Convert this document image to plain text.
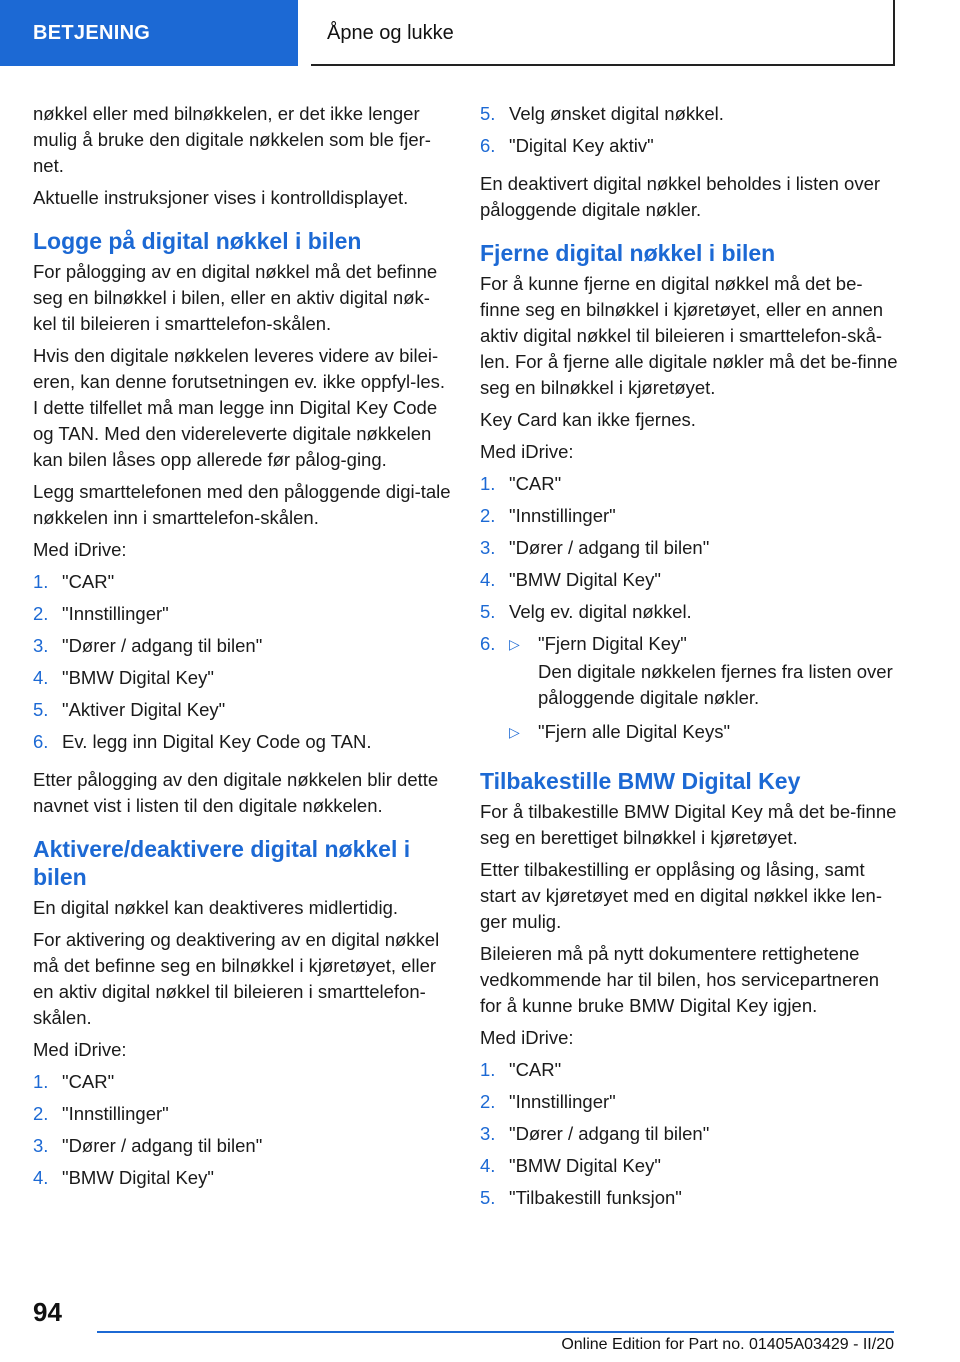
BETJENING	Åpne og lukke

nøkkel eller med bilnøkkelen, er det ikke lenger mulig å bruke den digitale nøkkelen som ble fjer-net.

Aktuelle instruksjoner vises i kontrolldisplayet.

Logge på digital nøkkel i bilen

For pålogging av en digital nøkkel må det befinne seg en bilnøkkel i bilen, eller en aktiv digital nøk-kel til bileieren i smarttelefon-skålen.

Hvis den digitale nøkkelen leveres videre av bilei-eren, kan denne forutsetningen ev. ikke oppfyl-les. I dette tilfellet må man legge inn Digital Key Code og TAN. Med den videreleverte digitale nøkkelen kan bilen låses opp allerede før pålog-ging.

Legg smarttelefonen med den påloggende digi-tale nøkkelen inn i smarttelefon-skålen.

Med iDrive:

1. "CAR"
2. "Innstillinger"
3. "Dører / adgang til bilen"
4. "BMW Digital Key"
5. "Aktiver Digital Key"
6. Ev. legg inn Digital Key Code og TAN.

Etter pålogging av den digitale nøkkelen blir dette navnet vist i listen til den digitale nøkkelen.

Aktivere/deaktivere digital nøkkel i bilen

En digital nøkkel kan deaktiveres midlertidig.

For aktivering og deaktivering av en digital nøkkel må det befinne seg en bilnøkkel i kjøretøyet, eller en aktiv digital nøkkel til bileieren i smarttelefon-skålen.

Med iDrive:

1. "CAR"
2. "Innstillinger"
3. "Dører / adgang til bilen"
4. "BMW Digital Key"
5. Velg ønsket digital nøkkel.
6. "Digital Key aktiv"

En deaktivert digital nøkkel beholdes i listen over påloggende digitale nøkler.

Fjerne digital nøkkel i bilen

For å kunne fjerne en digital nøkkel må det be-finne seg en bilnøkkel i kjøretøyet, eller en annen aktiv digital nøkkel til bileieren i smarttelefon-skå-len. For å fjerne alle digitale nøkler må det be-finne seg en bilnøkkel i kjøretøyet.

Key Card kan ikke fjernes.

Med iDrive:

1. "CAR"
2. "Innstillinger"
3. "Dører / adgang til bilen"
4. "BMW Digital Key"
5. Velg ev. digital nøkkel.
6. ▷ "Fjern Digital Key"
Den digitale nøkkelen fjernes fra listen over påloggende digitale nøkler.
▷ "Fjern alle Digital Keys"
Tilbakestille BMW Digital Key

For å tilbakestille BMW Digital Key må det be-finne seg en berettiget bilnøkkel i kjøretøyet.

Etter tilbakestilling er opplåsing og låsing, samt start av kjøretøyet med en digital nøkkel ikke len-ger mulig.

Bileieren må på nytt dokumentere rettighetene vedkommende har til bilen, hos servicepartneren for å kunne bruke BMW Digital Key igjen.

Med iDrive:

1. "CAR"
2. "Innstillinger"
3. "Dører / adgang til bilen"
4. "BMW Digital Key"
5. "Tilbakestill funksjon"
94
Online Edition for Part no. 01405A03429 - II/20
